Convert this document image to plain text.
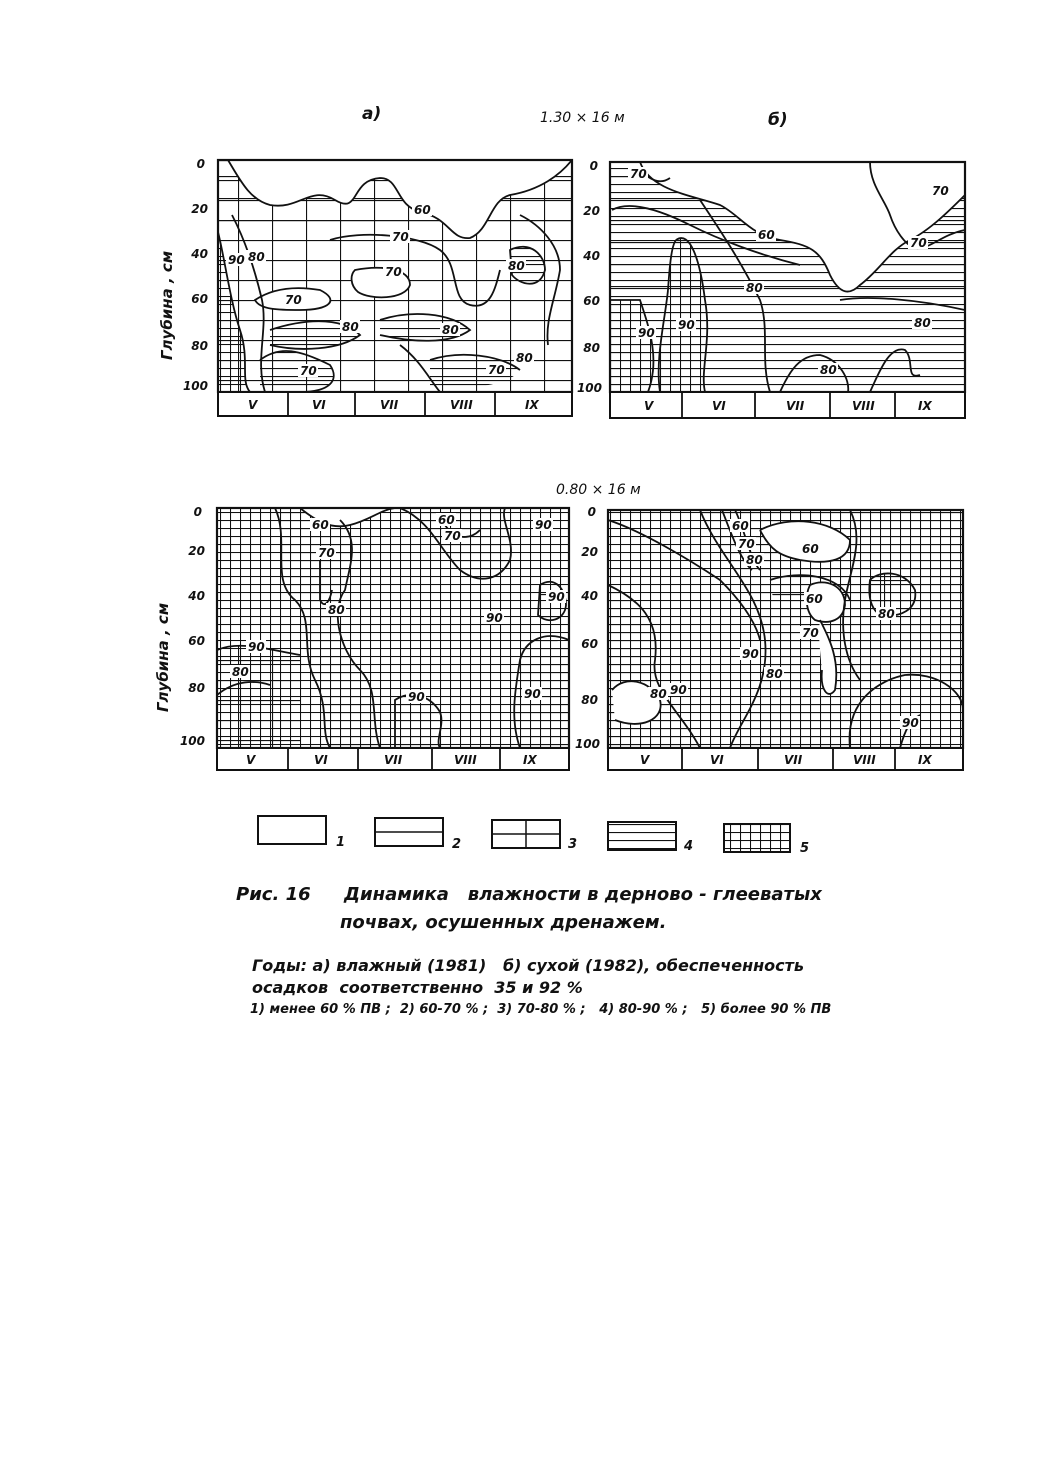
а)	б)
1.30 × 16 м
0.80 × 16 м
Глубина , см
Глубина , см
V	VI	VII	VIII	IX
0
20
40
60
80
100
60
70
90 80
70
70
80	80
80
70	70
80
V	VI	VII	VIII	IX
0
20
40
60
80
100
70
70
60
70
80
90
90	80
80
V	VI	VII	VIII	IX
0
20
40
60
80
100
60
70
60
70
90
80
90
90
80
90
90	90
V	VI	VII	VIII	IX
0
20
40
60
80
100
60
70
80
60
60
80
70
90
80
80 90
90
1	2	3	4	5
Рис. 16 Динамика   влажности в дерново - глееватых
почвах, осушенных дренажем.
Годы: а) влажный (1981)   б) сухой (1982), обеспеченность
осадков  соответственно  35 и 92 %
1) менее 60 % ПВ ;  2) 60-70 % ;  3) 70-80 % ;   4) 80-90 % ;   5) более 90 % ПВ
